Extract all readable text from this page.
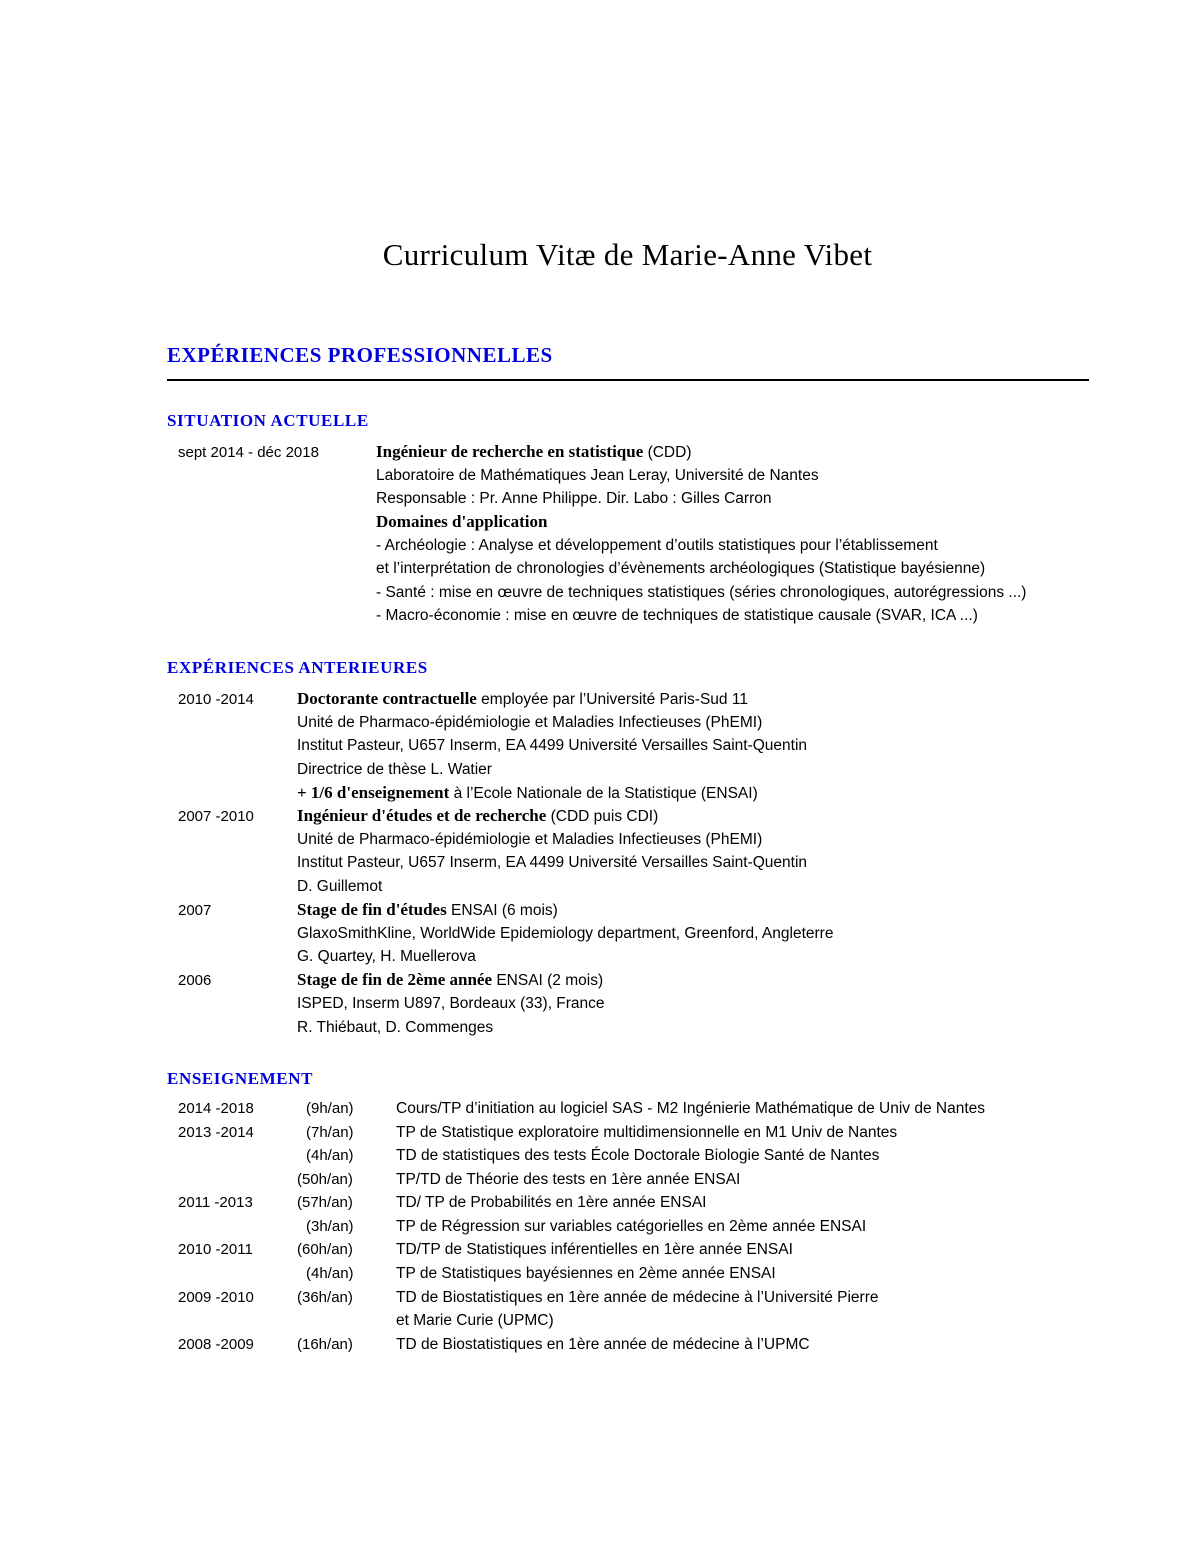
Curriculum Vitæ de Marie-Anne Vibet
EXPÉRIENCES PROFESSIONNELLES
SITUATION ACTUELLE
sept 2014 - déc 2018	Ingénieur de recherche en statistique (CDD)
Laboratoire de Mathématiques Jean Leray, Université de Nantes
Responsable : Pr. Anne Philippe. Dir. Labo : Gilles Carron
Domaines d'application
- Archéologie : Analyse et développement d’outils statistiques pour l’établissement
et l’interprétation de chronologies d’évènements archéologiques (Statistique bayésienne)
- Santé : mise en œuvre de techniques statistiques (séries chronologiques, autorégressions ...)
- Macro-économie : mise en œuvre de techniques de statistique causale (SVAR, ICA ...)
EXPÉRIENCES ANTERIEURES
2010 -2014	Doctorante contractuelle employée par l’Université Paris-Sud 11
Unité de Pharmaco-épidémiologie et Maladies Infectieuses (PhEMI)
Institut Pasteur, U657 Inserm, EA 4499 Université Versailles Saint-Quentin
Directrice de thèse L. Watier
+ 1/6 d'enseignement à l’Ecole Nationale de la Statistique (ENSAI)
2007 -2010	Ingénieur d'études et de recherche (CDD puis CDI)
Unité de Pharmaco-épidémiologie et Maladies Infectieuses (PhEMI)
Institut Pasteur, U657 Inserm, EA 4499 Université Versailles Saint-Quentin
D. Guillemot
2007	Stage de fin d'études ENSAI (6 mois)
GlaxoSmithKline, WorldWide Epidemiology department, Greenford, Angleterre
G. Quartey, H. Muellerova
2006	Stage de fin de 2ème année ENSAI (2 mois)
ISPED, Inserm U897, Bordeaux (33), France
R. Thiébaut, D. Commenges
ENSEIGNEMENT
2014 -2018	(9h/an)	Cours/TP d’initiation au logiciel SAS - M2 Ingénierie Mathématique de Univ de Nantes
2013 -2014	(7h/an)	TP de Statistique exploratoire multidimensionnelle en M1 Univ de Nantes
(4h/an)	TD de statistiques des tests École Doctorale Biologie Santé de Nantes
(50h/an)	TP/TD de Théorie des tests en 1ère année ENSAI
2011 -2013	(57h/an)	TD/ TP de Probabilités en 1ère année ENSAI
(3h/an)	TP de Régression sur variables catégorielles en 2ème année ENSAI
2010 -2011	(60h/an)	TD/TP de Statistiques inférentielles en 1ère année ENSAI
(4h/an)	TP de Statistiques bayésiennes en 2ème année ENSAI
2009 -2010	(36h/an)	TD de Biostatistiques en 1ère année de médecine à l’Université Pierre
et Marie Curie (UPMC)
2008 -2009	(16h/an)	TD de Biostatistiques en 1ère année de médecine à l’UPMC
